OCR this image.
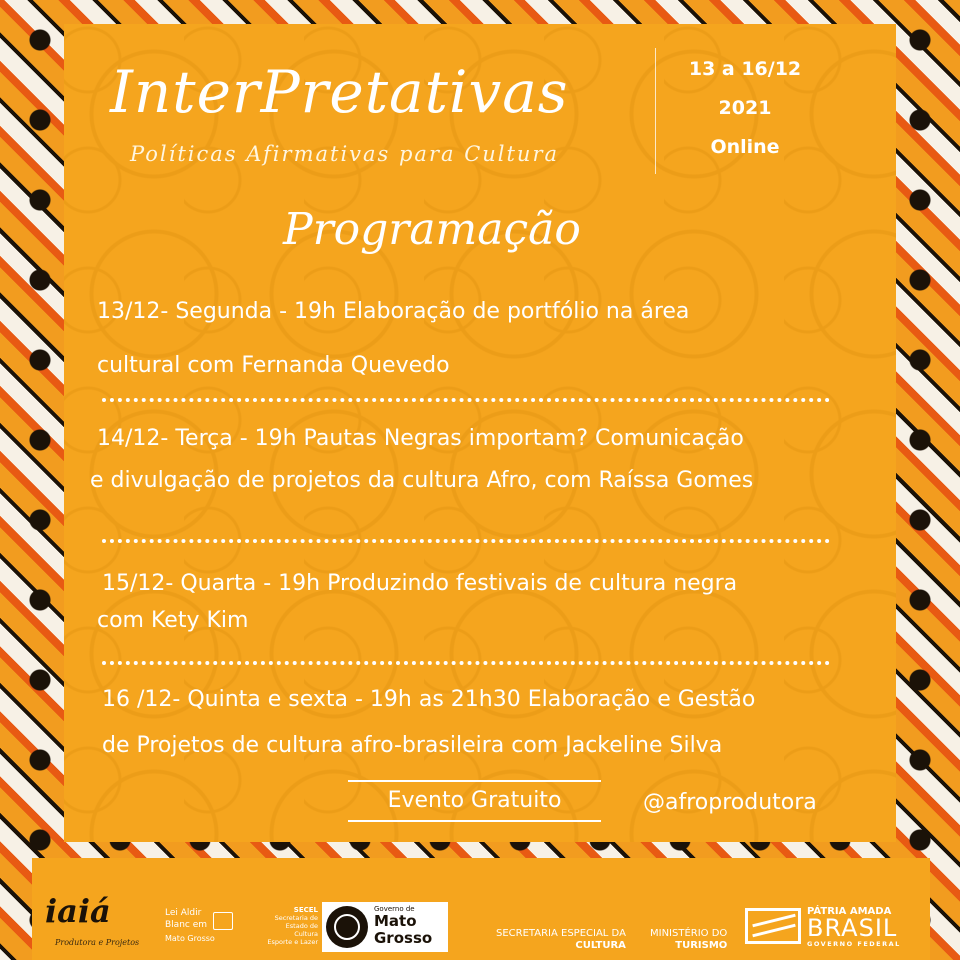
InterPretativas
Políticas Afirmativas para Cultura
13 a 16/12
2021
Online
Programação

13/12- Segunda - 19h Elaboração de portfólio na área

cultural com Fernanda Quevedo

14/12- Terça - 19h Pautas Negras importam? Comunicação

e divulgação de projetos da cultura Afro, com Raíssa Gomes

15/12- Quarta - 19h Produzindo festivais de cultura negra

com Kety Kim

16 /12- Quinta e sexta - 19h as 21h30 Elaboração e Gestão

de Projetos de cultura afro-brasileira com Jackeline Silva

Evento Gratuito	@afroprodutora
iaiá
Produtora e Projetos
Lei Aldir
Blanc em
Mato Grosso
SECEL
Secretaria de
Estado de Cultura
Esporte e Lazer
Governo de
Mato
Grosso	SECRETARIA ESPECIAL DA
CULTURA
MINISTÉRIO DO
TURISMO
PÁTRIA AMADA
BRASIL
GOVERNO FEDERAL
